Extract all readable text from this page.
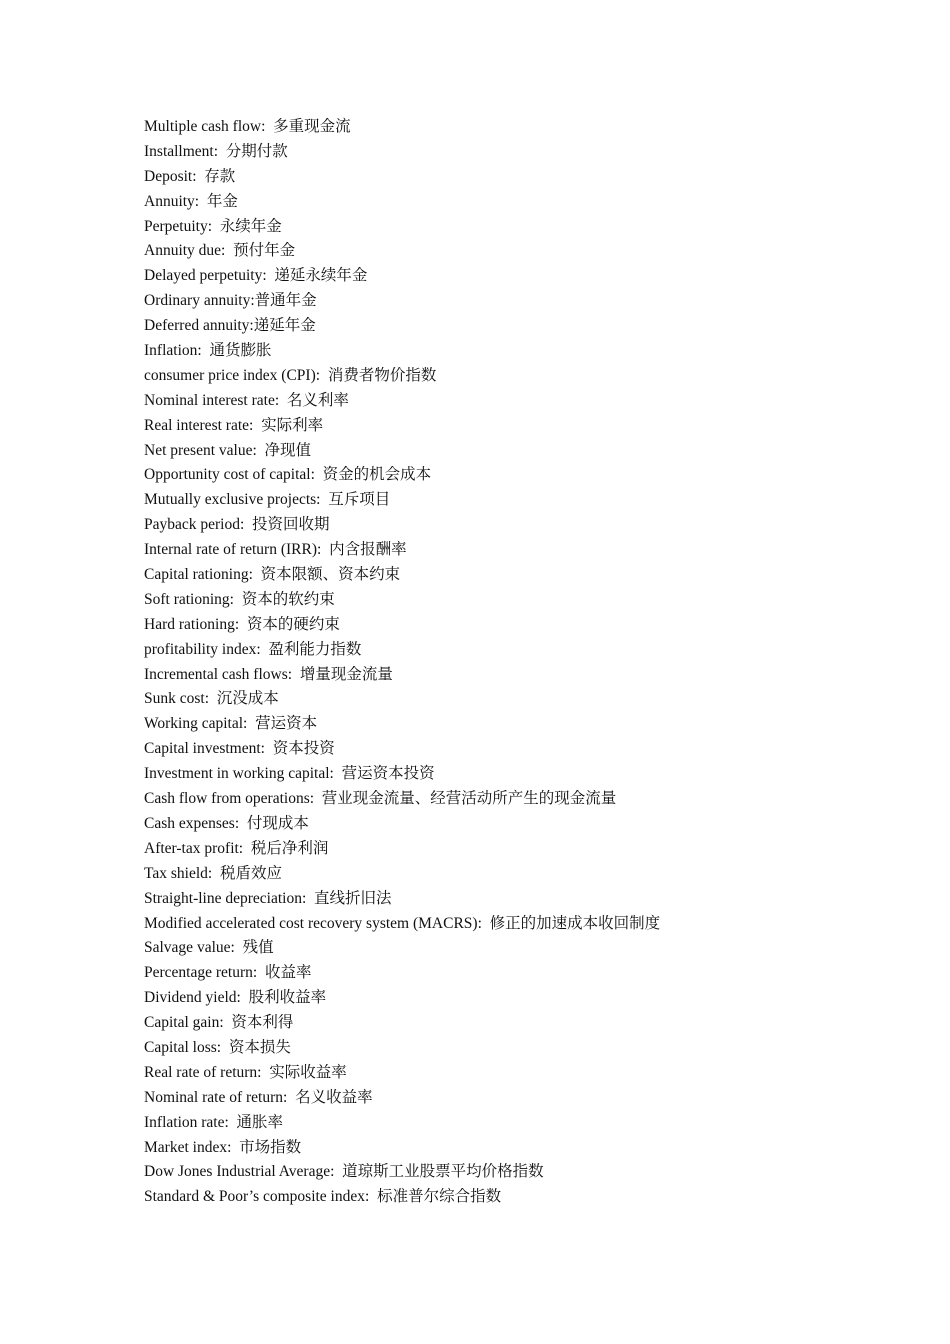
Multiple cash flow: 多重现金流
Installment: 分期付款
Deposit: 存款
Annuity: 年金
Perpetuity: 永续年金
Annuity due: 预付年金
Delayed perpetuity: 递延永续年金
Ordinary annuity:普通年金
Deferred annuity:递延年金
Inflation: 通货膨胀
consumer price index (CPI): 消费者物价指数
Nominal interest rate: 名义利率
Real interest rate: 实际利率
Net present value: 净现值
Opportunity cost of capital: 资金的机会成本
Mutually exclusive projects: 互斥项目
Payback period: 投资回收期
Internal rate of return (IRR): 内含报酬率
Capital rationing: 资本限额、资本约束
Soft rationing: 资本的软约束
Hard rationing: 资本的硬约束
profitability index: 盈利能力指数
Incremental cash flows: 增量现金流量
Sunk cost: 沉没成本
Working capital: 营运资本
Capital investment: 资本投资
Investment in working capital: 营运资本投资
Cash flow from operations: 营业现金流量、经营活动所产生的现金流量
Cash expenses: 付现成本
After-tax profit: 税后净利润
Tax shield: 税盾效应
Straight-line depreciation: 直线折旧法
Modified accelerated cost recovery system (MACRS): 修正的加速成本收回制度
Salvage value: 残值
Percentage return: 收益率
Dividend yield: 股利收益率
Capital gain: 资本利得
Capital loss: 资本损失
Real rate of return: 实际收益率
Nominal rate of return: 名义收益率
Inflation rate: 通胀率
Market index: 市场指数
Dow Jones Industrial Average: 道琼斯工业股票平均价格指数
Standard & Poor’s composite index: 标准普尔综合指数
